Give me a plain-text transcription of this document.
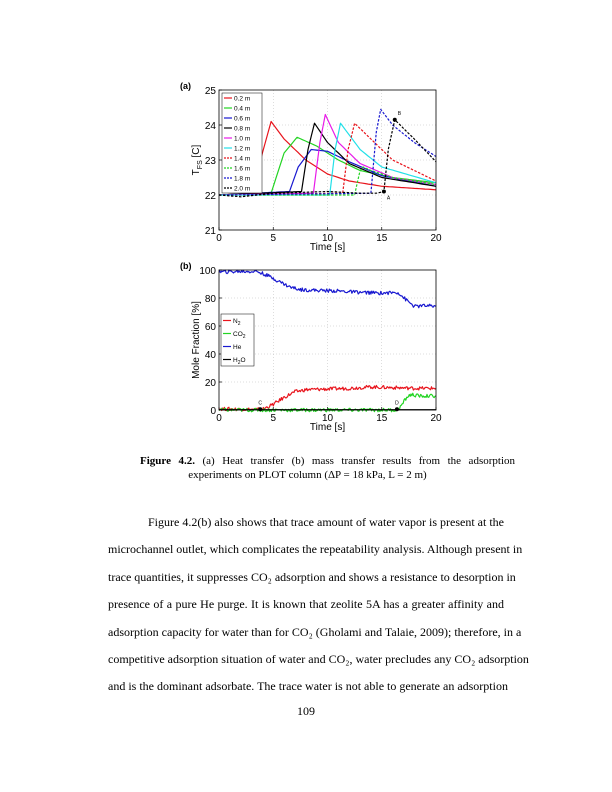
0	5	10	15	20
21
22
23
24
25
A
B
0.2 m
0.4 m
0.6 m
0.8 m
1.0 m
1.2 m
1.4 m
1.6 m
1.8 m
2.0 m
(a)
Time [s]
$T_{FS}$ [C]
0	5	10	15	20
0
20
40
60
80
100
C	D
$N_2$
$CO_2$
He
$H_2O$
(b)
Time [s]
Mole Fraction [%]
Figure 4.2. (a) Heat transfer (b) mass transfer results from the adsorption
experiments on PLOT column (ΔP = 18 kPa, L = 2 m)
Figure 4.2(b) also shows that trace amount of water vapor is present at the
microchannel outlet, which complicates the repeatability analysis. Although present in
trace quantities, it suppresses CO₂ adsorption and shows a resistance to desorption in
presence of a pure He purge. It is known that zeolite 5A has a greater affinity and
adsorption capacity for water than for CO₂ (Gholami and Talaie, 2009); therefore, in a
competitive adsorption situation of water and CO₂, water precludes any CO₂ adsorption
and is the dominant adsorbate. The trace water is not able to generate an adsorption
109
